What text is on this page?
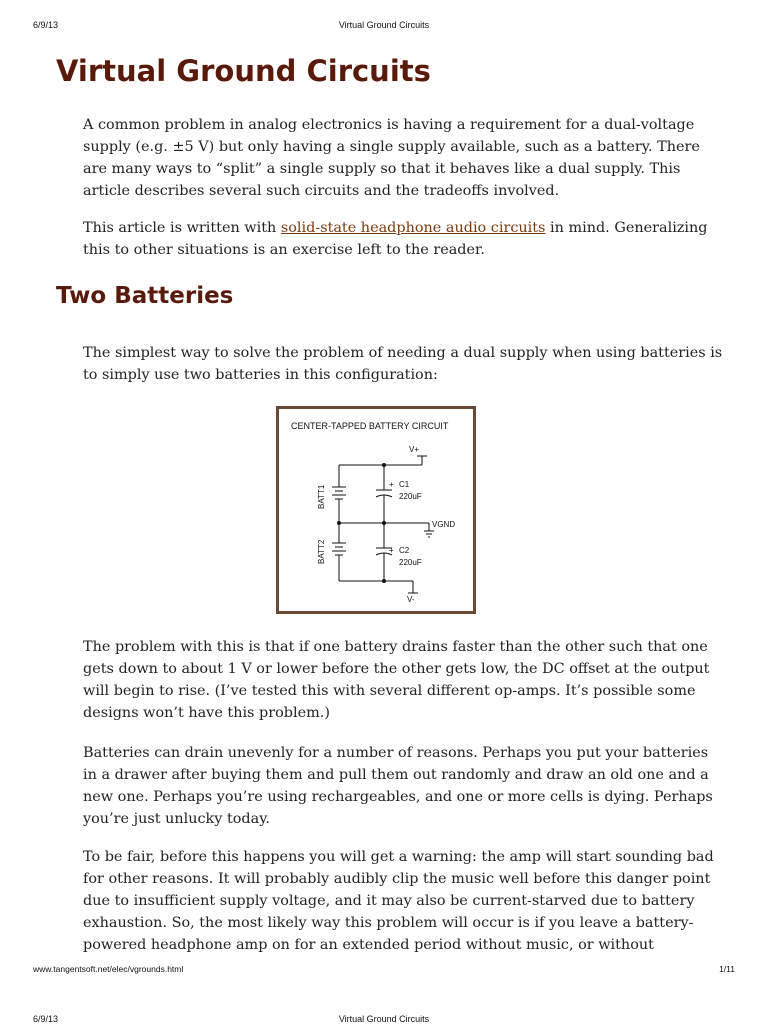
6/9/13	Virtual Ground Circuits
Virtual Ground Circuits

A common problem in analog electronics is having a requirement for a dual-voltage supply (e.g. ±5 V) but only having a single supply available, such as a battery. There are many ways to “split” a single supply so that it behaves like a dual supply. This article describes several such circuits and the tradeoffs involved.

This article is written with solid-state headphone audio circuits in mind. Generalizing this to other situations is an exercise left to the reader.

Two Batteries

The simplest way to solve the problem of needing a dual supply when using batteries is to simply use two batteries in this configuration:

CENTER-TAPPED BATTERY CIRCUIT
V+
VGND
V-
BATT1
BATT2
+ C1
220uF
+ C2
220uF

The problem with this is that if one battery drains faster than the other such that one gets down to about 1 V or lower before the other gets low, the DC offset at the output will begin to rise. (I’ve tested this with several different op-amps. It’s possible some designs won’t have this problem.)

Batteries can drain unevenly for a number of reasons. Perhaps you put your batteries in a drawer after buying them and pull them out randomly and draw an old one and a new one. Perhaps you’re using rechargeables, and one or more cells is dying. Perhaps you’re just unlucky today.

To be fair, before this happens you will get a warning: the amp will start sounding bad for other reasons. It will probably audibly clip the music well before this danger point due to insufficient supply voltage, and it may also be current-starved due to battery exhaustion. So, the most likely way this problem will occur is if you leave a battery-powered headphone amp on for an extended period without music, or without

www.tangentsoft.net/elec/vgrounds.html	1/11
6/9/13	Virtual Ground Circuits
